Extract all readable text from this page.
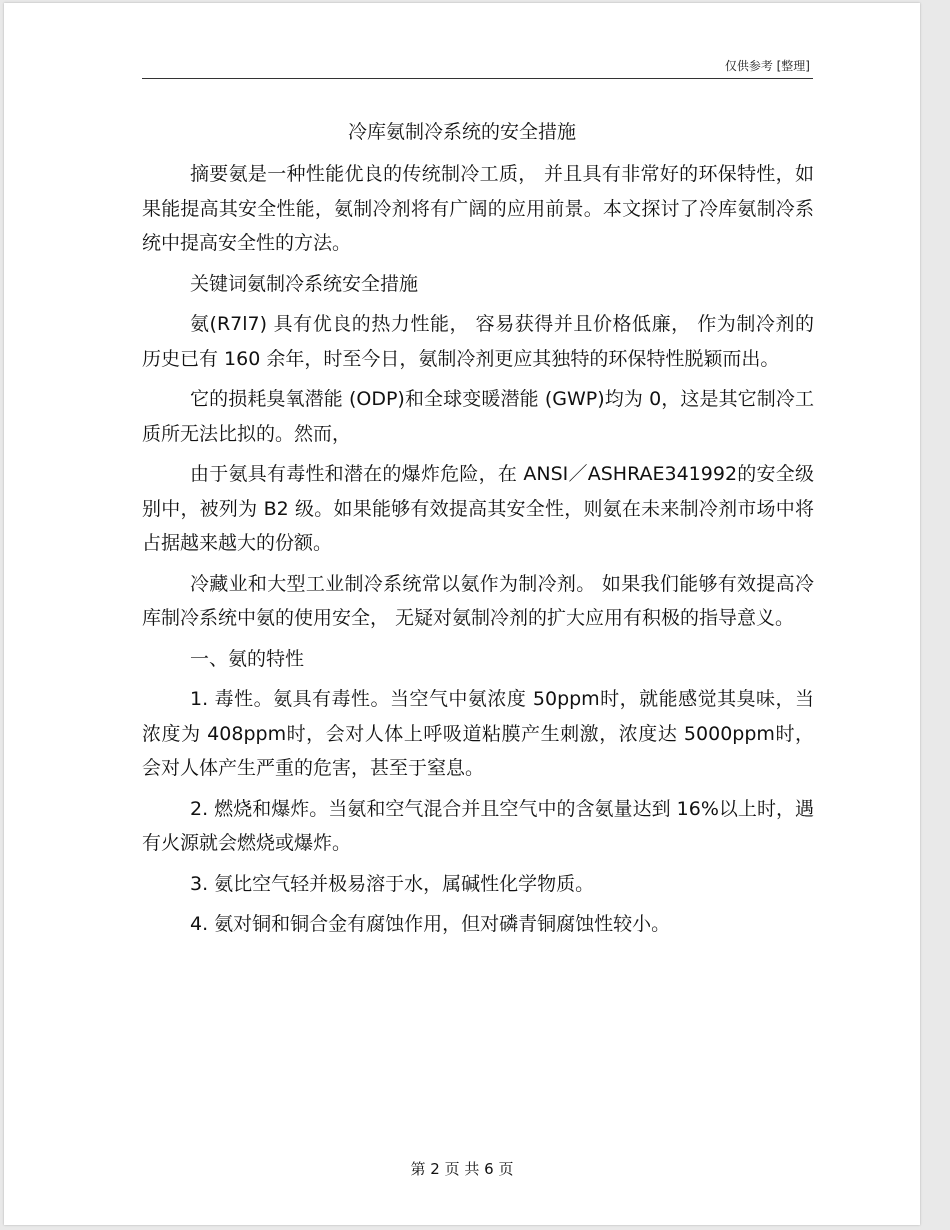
仅供参考 [整理]
冷库氨制冷系统的安全措施

摘要氨是一种性能优良的传统制冷工质， 并且具有非常好的环保特性，如果能提高其安全性能，氨制冷剂将有广阔的应用前景。本文探讨了冷库氨制冷系统中提高安全性的方法。

关键词氨制冷系统安全措施

氨(R7l7) 具有优良的热力性能， 容易获得并且价格低廉， 作为制冷剂的历史已有 160 余年，时至今日，氨制冷剂更应其独特的环保特性脱颖而出。

它的损耗臭氧潜能 (ODP)和全球变暖潜能 (GWP)均为 0，这是其它制冷工质所无法比拟的。然而，

由于氨具有毒性和潜在的爆炸危险，在 ANSI／ASHRAE341992的安全级别中，被列为 B2 级。如果能够有效提高其安全性，则氨在未来制冷剂市场中将占据越来越大的份额。

冷藏业和大型工业制冷系统常以氨作为制冷剂。 如果我们能够有效提高冷库制冷系统中氨的使用安全， 无疑对氨制冷剂的扩大应用有积极的指导意义。

一、氨的特性

1. 毒性。氨具有毒性。当空气中氨浓度 50ppm时，就能感觉其臭味，当浓度为 408ppm时，会对人体上呼吸道粘膜产生刺激，浓度达 5000ppm时，会对人体产生严重的危害，甚至于窒息。

2. 燃烧和爆炸。当氨和空气混合并且空气中的含氨量达到 16%以上时，遇有火源就会燃烧或爆炸。

3. 氨比空气轻并极易溶于水，属碱性化学物质。

4. 氨对铜和铜合金有腐蚀作用，但对磷青铜腐蚀性较小。

第 2 页 共 6 页
